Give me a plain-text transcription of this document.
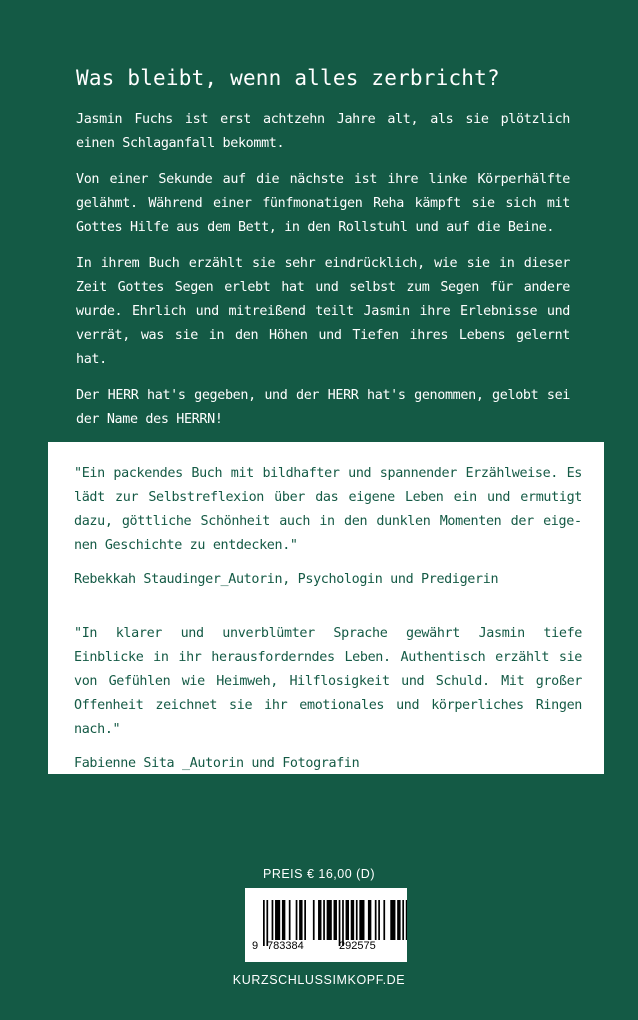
Was bleibt, wenn alles zerbricht?

Jasmin Fuchs ist erst achtzehn Jahre alt, als sie plötzlich einen Schlaganfall bekommt.

Von einer Sekunde auf die nächste ist ihre linke Körperhälfte gelähmt. Während einer fünfmonatigen Reha kämpft sie sich mit Gottes Hilfe aus dem Bett, in den Rollstuhl und auf die Beine.

In ihrem Buch erzählt sie sehr eindrücklich, wie sie in dieser Zeit Gottes Segen erlebt hat und selbst zum Segen für andere wurde. Ehrlich und mitreißend teilt Jasmin ihre Erlebnisse und verrät, was sie in den Höhen und Tiefen ihres Lebens gelernt hat.

Der HERR hat's gegeben, und der HERR hat's genommen, gelobt sei der Name des HERRN!

"Ein packendes Buch mit bildhafter und spannender Erzählweise. Es lädt zur Selbstreflexion über das eigene Leben ein und ermutigt dazu, göttliche Schönheit auch in den dunklen Momenten der eigenen Geschichte zu entdecken."

Rebekkah Staudinger_Autorin, Psychologin und Predigerin

"In klarer und unverblümter Sprache gewährt Jasmin tiefe Einblicke in ihr herausforderndes Leben. Authentisch erzählt sie von Gefühlen wie Heimweh, Hilflosigkeit und Schuld. Mit großer Offenheit zeichnet sie ihr emotionales und körperliches Ringen nach."

Fabienne Sita _Autorin und Fotografin

PREIS € 16,00 (D)
9 783384	292575
KURZSCHLUSSIMKOPF.DE
